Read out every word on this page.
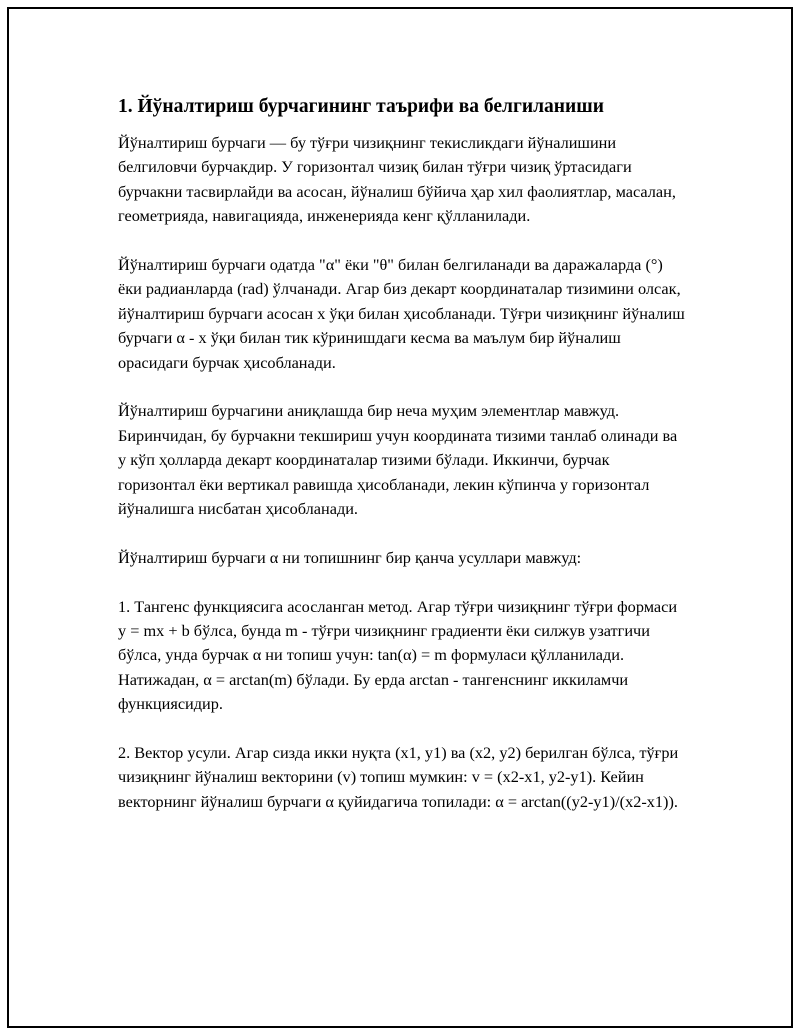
1. Йўналтириш бурчагининг таърифи ва белгиланиши

Йўналтириш бурчаги — бу тўғри чизиқнинг текисликдаги йўналишини белгиловчи бурчакдир. У горизонтал чизиқ билан тўғри чизиқ ўртасидаги бурчакни тасвирлайди ва асосан, йўналиш бўйича ҳар хил фаолиятлар, масалан, геометрияда, навигацияда, инженерияда кенг қўлланилади.

Йўналтириш бурчаги одатда "α" ёки "θ" билан белгиланади ва даражаларда (°) ёки радианларда (rad) ўлчанади. Агар биз декарт координаталар тизимини олсак, йўналтириш бурчаги асосан x ўқи билан ҳисобланади. Тўғри чизиқнинг йўналиш бурчаги α - x ўқи билан тик кўринишдаги кесма ва маълум бир йўналиш орасидаги бурчак ҳисобланади.

Йўналтириш бурчагини аниқлашда бир неча муҳим элементлар мавжуд. Биринчидан, бу бурчакни текшириш учун координата тизими танлаб олинади ва у кўп ҳолларда декарт координаталар тизими бўлади. Иккинчи, бурчак горизонтал ёки вертикал равишда ҳисобланади, лекин кўпинча у горизонтал йўналишга нисбатан ҳисобланади.

Йўналтириш бурчаги α ни топишнинг бир қанча усуллари мавжуд:

1. Тангенс функциясига асосланган метод. Агар тўғри чизиқнинг тўғри формаси y = mx + b бўлса, бунда m - тўғри чизиқнинг градиенти ёки силжув узатгичи бўлса, унда бурчак α ни топиш учун: tan(α) = m формуласи қўлланилади. Натижадан, α = arctan(m) бўлади. Бу ерда arctan - тангенснинг иккиламчи функциясидир.

2. Вектор усули. Агар сизда икки нуқта (x1, y1) ва (x2, y2) берилган бўлса, тўғри чизиқнинг йўналиш векторини (v) топиш мумкин: v = (x2-x1, y2-y1). Кейин векторнинг йўналиш бурчаги α қуйидагича топилади: α = arctan((y2-y1)/(x2-x1)).
